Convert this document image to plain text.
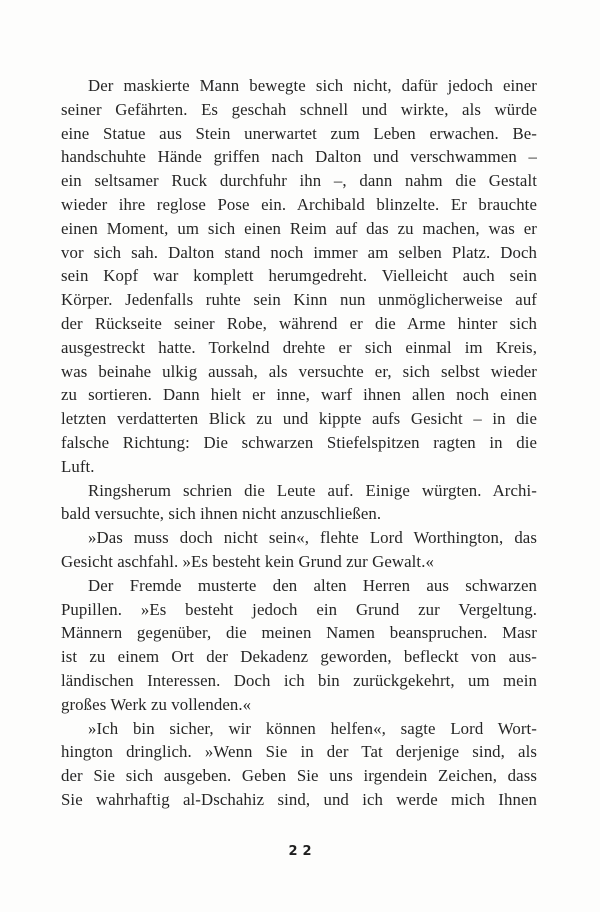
Der maskierte Mann bewegte sich nicht, dafür jedoch einer
seiner Gefährten. Es geschah schnell und wirkte, als würde
eine Statue aus Stein unerwartet zum Leben erwachen. Be-
handschuhte Hände griffen nach Dalton und verschwammen –
ein seltsamer Ruck durchfuhr ihn –, dann nahm die Gestalt
wieder ihre reglose Pose ein. Archibald blinzelte. Er brauchte
einen Moment, um sich einen Reim auf das zu machen, was er
vor sich sah. Dalton stand noch immer am selben Platz. Doch
sein Kopf war komplett herumgedreht. Vielleicht auch sein
Körper. Jedenfalls ruhte sein Kinn nun unmöglicherweise auf
der Rückseite seiner Robe, während er die Arme hinter sich
ausgestreckt hatte. Torkelnd drehte er sich einmal im Kreis,
was beinahe ulkig aussah, als versuchte er, sich selbst wieder
zu sortieren. Dann hielt er inne, warf ihnen allen noch einen
letzten verdatterten Blick zu und kippte aufs Gesicht – in die
falsche Richtung: Die schwarzen Stiefelspitzen ragten in die
Luft.
Ringsherum schrien die Leute auf. Einige würgten. Archi-
bald versuchte, sich ihnen nicht anzuschließen.
»Das muss doch nicht sein«, flehte Lord Worthington, das
Gesicht aschfahl. »Es besteht kein Grund zur Gewalt.«
Der Fremde musterte den alten Herren aus schwarzen
Pupillen. »Es besteht jedoch ein Grund zur Vergeltung.
Männern gegenüber, die meinen Namen beanspruchen. Masr
ist zu einem Ort der Dekadenz geworden, befleckt von aus-
ländischen Interessen. Doch ich bin zurückgekehrt, um mein
großes Werk zu vollenden.«
»Ich bin sicher, wir können helfen«, sagte Lord Wort-
hington dringlich. »Wenn Sie in der Tat derjenige sind, als
der Sie sich ausgeben. Geben Sie uns irgendein Zeichen, dass
Sie wahrhaftig al-Dschahiz sind, und ich werde mich Ihnen
22
